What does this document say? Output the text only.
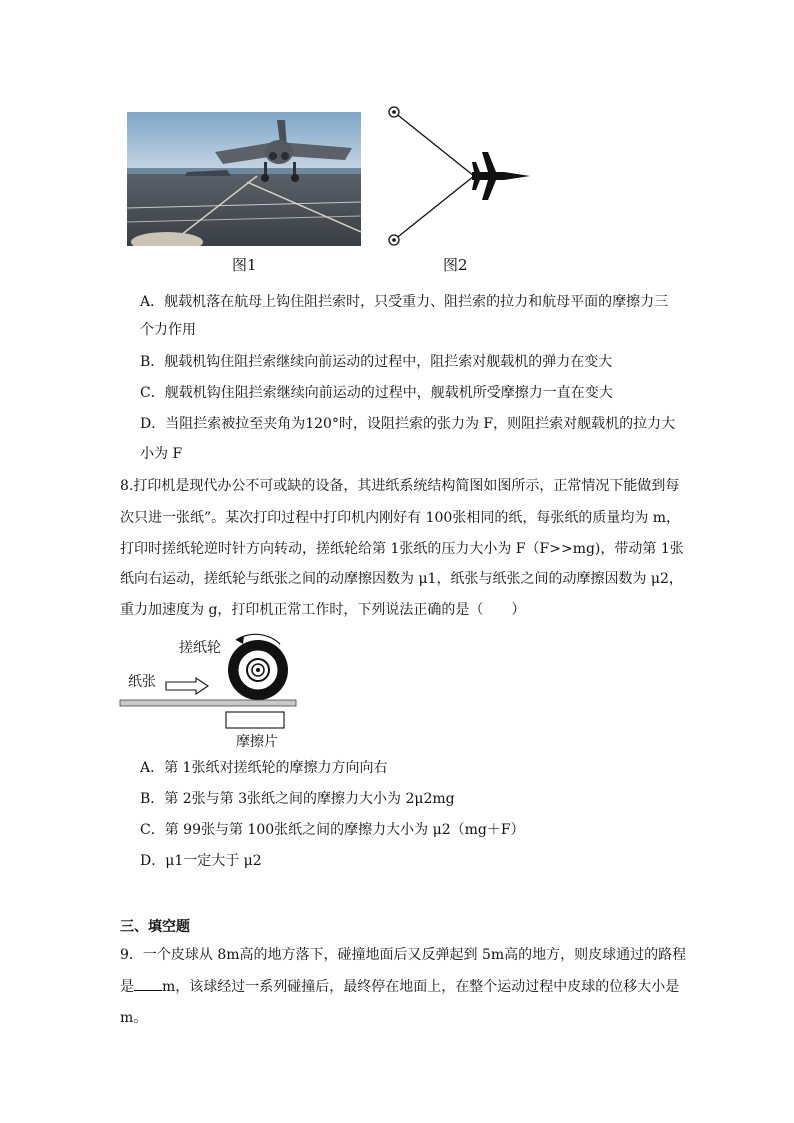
图1	图2
A．舰载机落在航母上钩住阻拦索时，只受重力、阻拦索的拉力和航母平面的摩擦力三
个力作用
B．舰载机钩住阻拦索继续向前运动的过程中，阻拦索对舰载机的弹力在变大
C．舰载机钩住阻拦索继续向前运动的过程中，舰载机所受摩擦力一直在变大
D．当阻拦索被拉至夹角为120°时，设阻拦索的张力为 F，则阻拦索对舰载机的拉力大
小为 F
8.打印机是现代办公不可或缺的设备，其进纸系统结构简图如图所示，正常情况下能做到每
次只进一张纸”。某次打印过程中打印机内刚好有 100张相同的纸，每张纸的质量均为 m，
打印时搓纸轮逆时针方向转动，搓纸轮给第 1张纸的压力大小为 F（F>>mg)，带动第 1张
纸向右运动，搓纸轮与纸张之间的动摩擦因数为 μ1，纸张与纸张之间的动摩擦因数为 μ2，
重力加速度为 g，打印机正常工作时，下列说法正确的是（　　）
搓纸轮
纸张
摩擦片
A．第 1张纸对搓纸轮的摩擦力方向向右
B．第 2张与第 3张纸之间的摩擦力大小为 2μ2mg
C．第 99张与第 100张纸之间的摩擦力大小为 μ2（mg＋F）
D．μ1一定大于 μ2
三、填空题
9．一个皮球从 8m高的地方落下，碰撞地面后又反弹起到 5m高的地方，则皮球通过的路程
是 m，该球经过一系列碰撞后，最终停在地面上，在整个运动过程中皮球的位移大小是
m。
